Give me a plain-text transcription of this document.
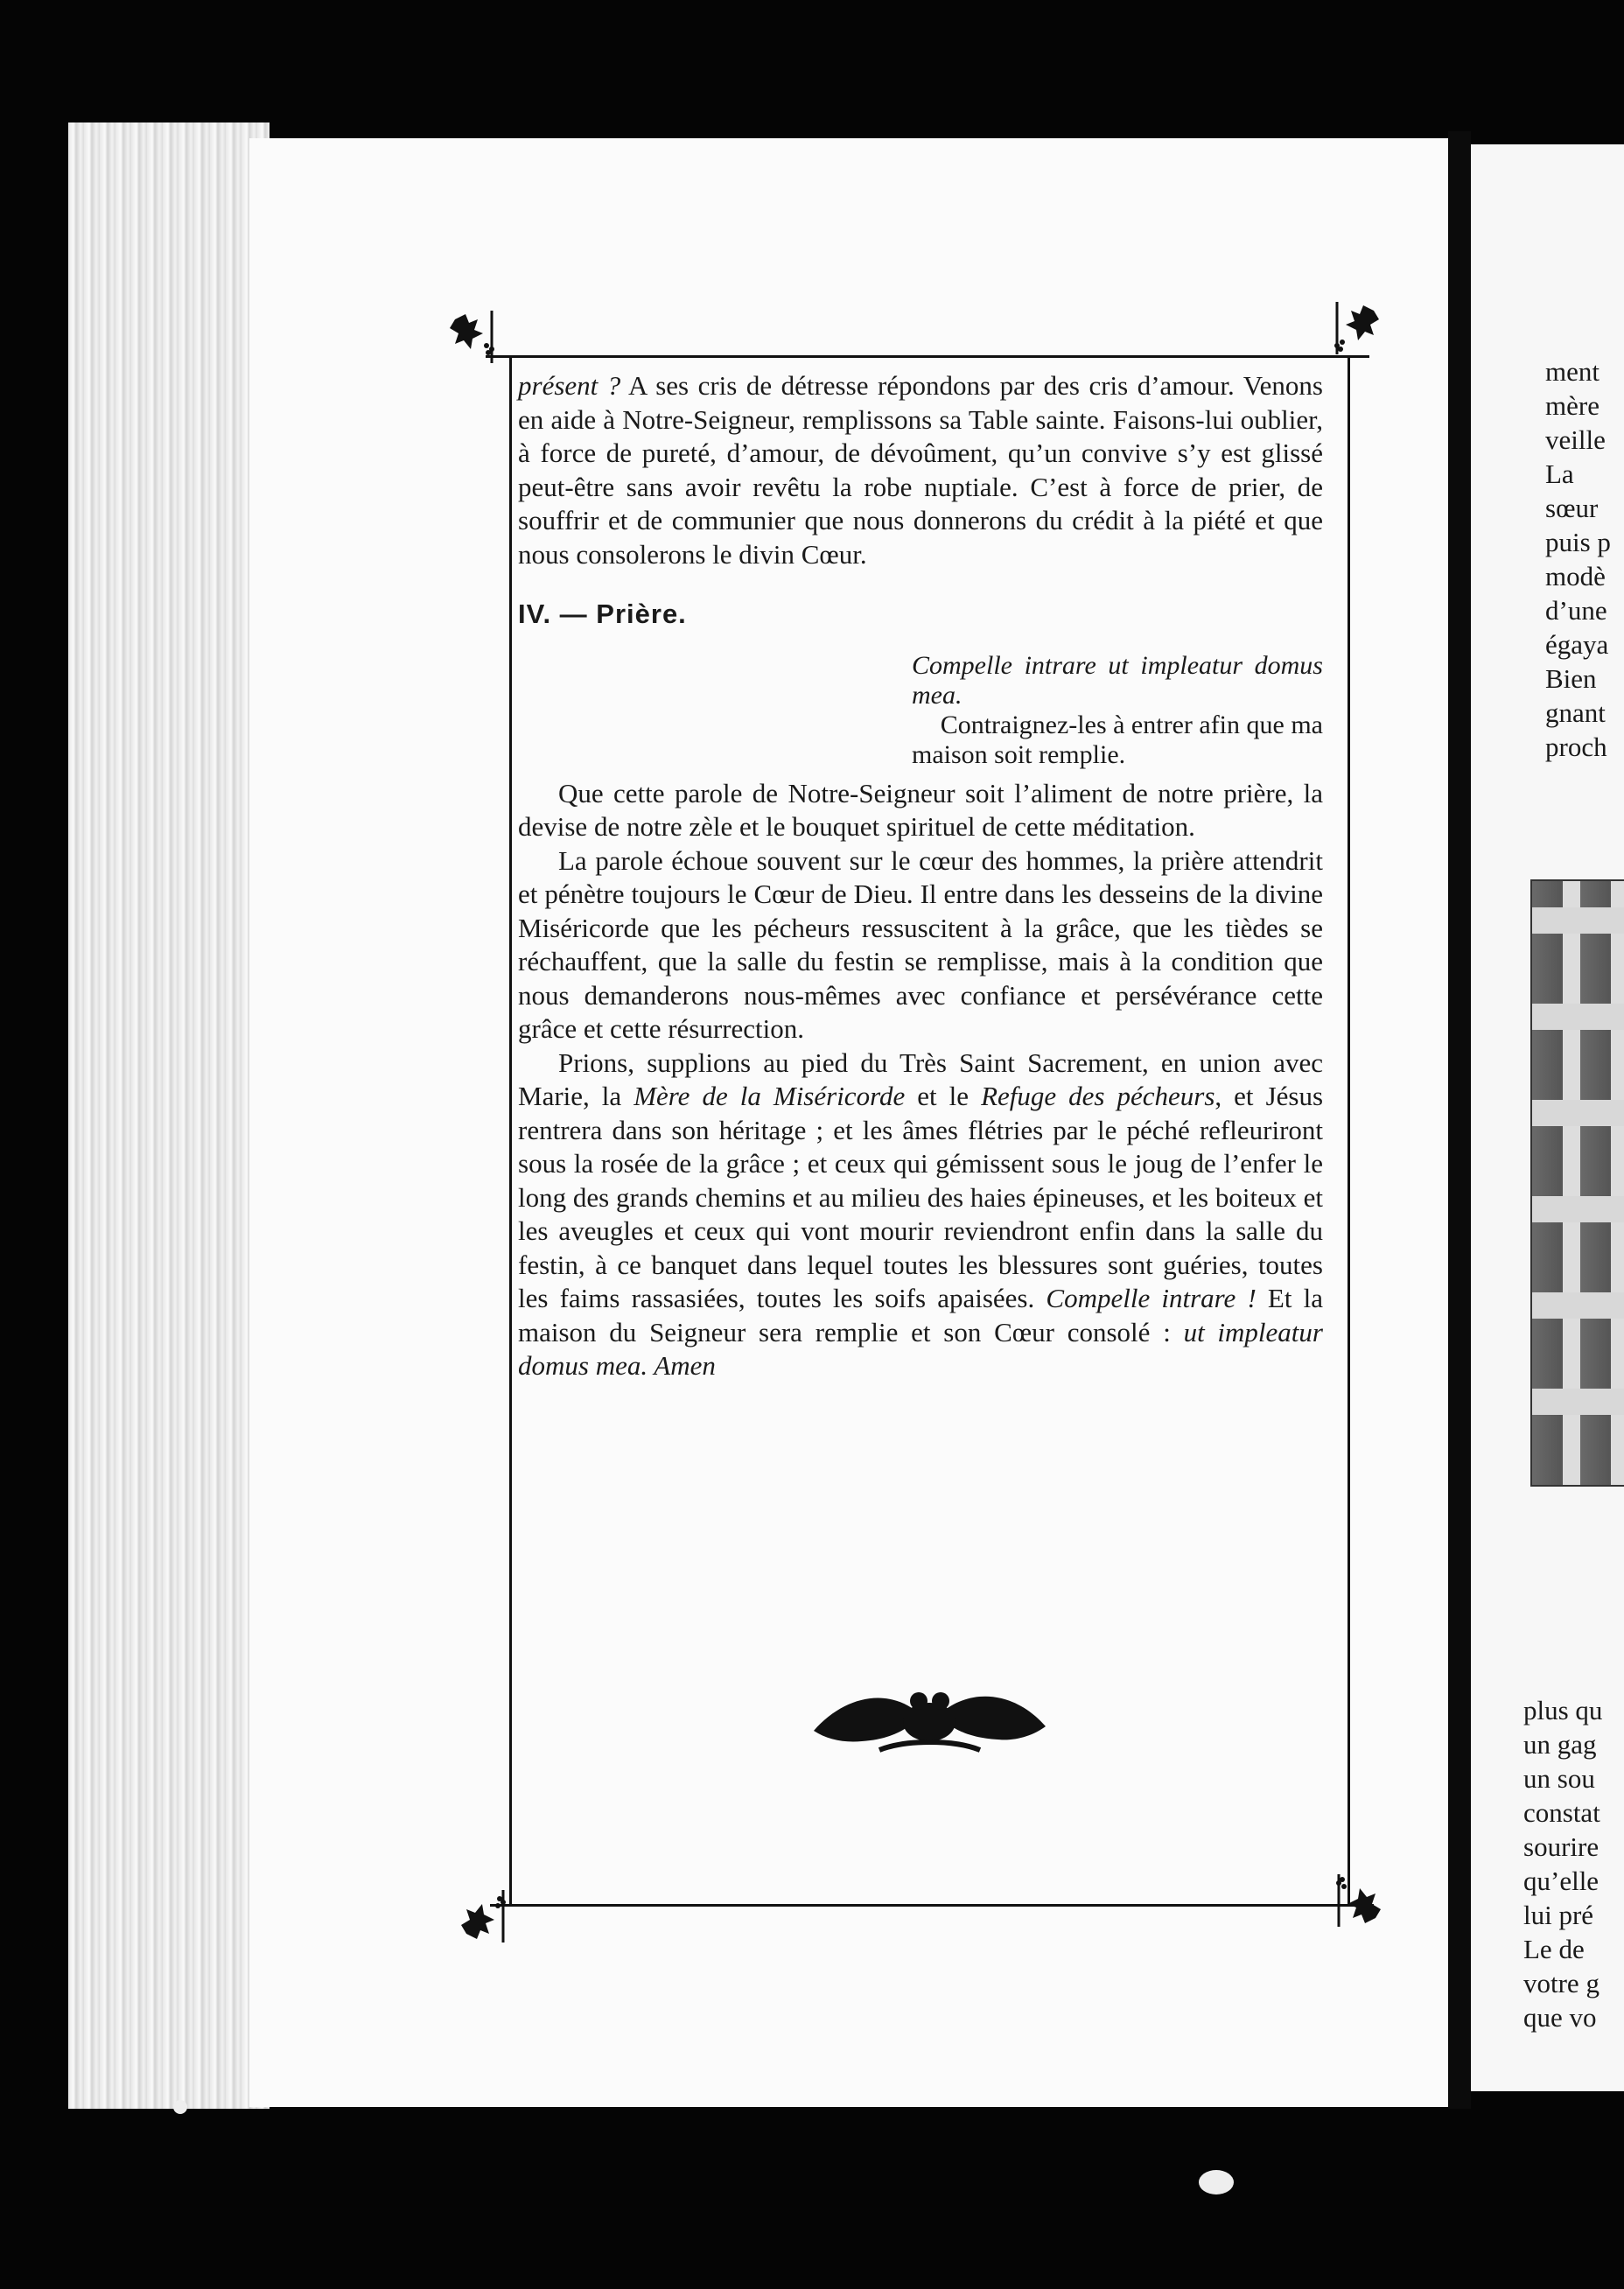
ment
mère
veille
La
sœur
puis p
modè
d’une
égaya
Bien
gnant
proch
plus qu
un gag
un sou
constat
sourire
qu’elle
lui pré
Le de
votre g
que vo

présent ? A ses cris de détresse répondons par des cris d’amour. Venons en aide à Notre-Seigneur, remplissons sa Table sainte. Faisons-lui oublier, à force de pureté, d’amour, de dévoûment, qu’un convive s’y est glissé peut-être sans avoir revêtu la robe nuptiale. C’est à force de prier, de souffrir et de communier que nous donnerons du crédit à la piété et que nous consolerons le divin Cœur.

IV. — Prière.

Compelle intrare ut impleatur domus mea.

Contraignez-les à entrer afin que ma maison soit remplie.

Que cette parole de Notre-Seigneur soit l’aliment de notre prière, la devise de notre zèle et le bouquet spirituel de cette méditation.

La parole échoue souvent sur le cœur des hommes, la prière attendrit et pénètre toujours le Cœur de Dieu. Il entre dans les desseins de la divine Miséricorde que les pécheurs ressuscitent à la grâce, que les tièdes se réchauffent, que la salle du festin se remplisse, mais à la condition que nous demanderons nous-mêmes avec confiance et persévérance cette grâce et cette résurrection.

Prions, supplions au pied du Très Saint Sacrement, en union avec Marie, la Mère de la Miséricorde et le Refuge des pécheurs, et Jésus rentrera dans son héritage ; et les âmes flétries par le péché refleuriront sous la rosée de la grâce ; et ceux qui gémissent sous le joug de l’enfer le long des grands chemins et au milieu des haies épineuses, et les boiteux et les aveugles et ceux qui vont mourir reviendront enfin dans la salle du festin, à ce banquet dans lequel toutes les blessures sont guéries, toutes les faims rassasiées, toutes les soifs apaisées. Compelle intrare ! Et la maison du Seigneur sera remplie et son Cœur consolé : ut impleatur domus mea. Amen
